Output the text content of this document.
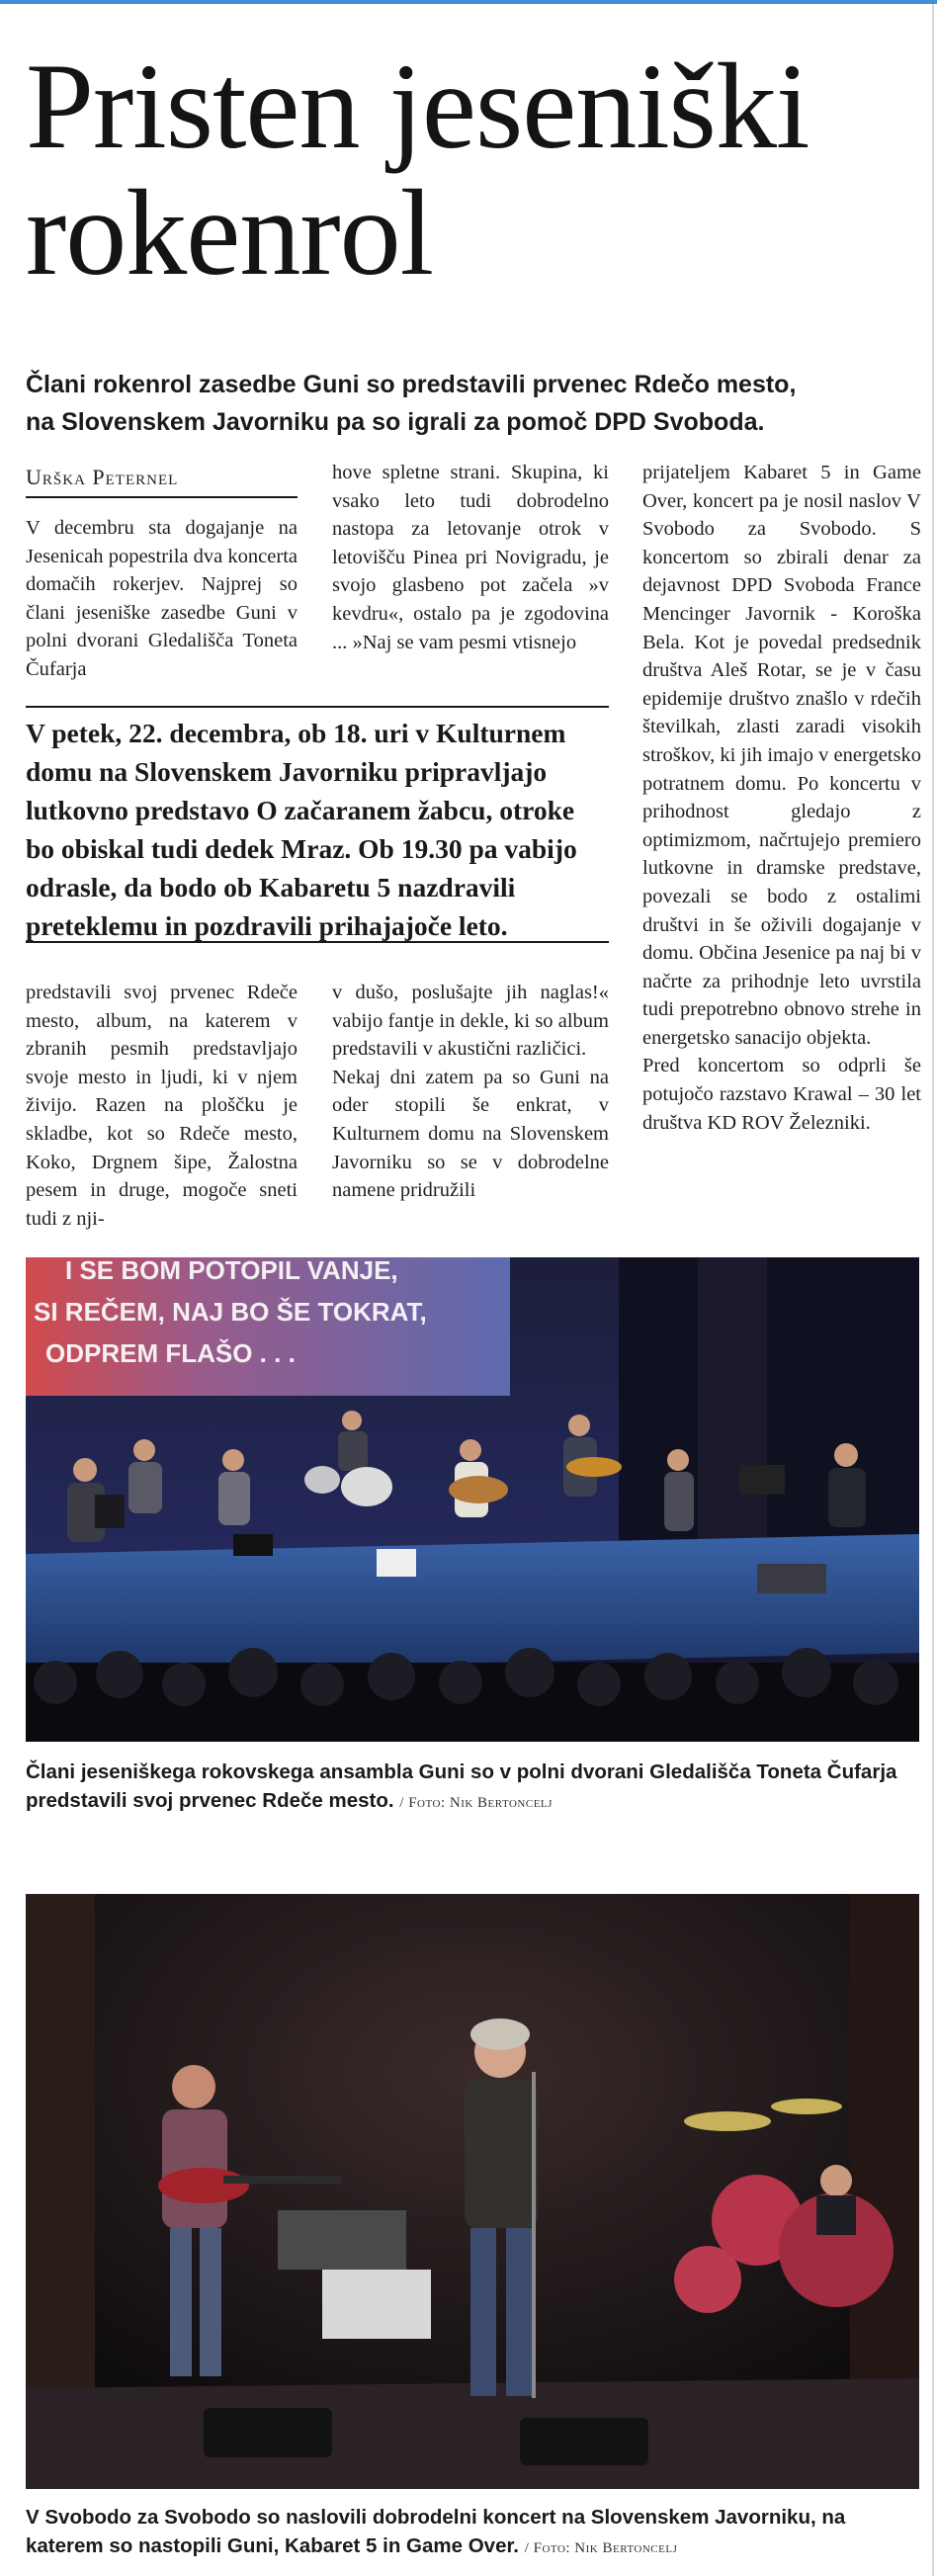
Pristen jeseniški
rokenrol
Člani rokenrol zasedbe Guni so predstavili prvenec Rdečo mesto,
na Slovenskem Javorniku pa so igrali za pomoč DPD Svoboda.
Urška Peternel

V decembru sta dogajanje na Jesenicah popestrila dva koncerta domačih rokerjev. Najprej so člani jeseniške zasedbe Guni v polni dvorani Gledališča Toneta Čufarja

hove spletne strani. Skupina, ki vsako leto tudi dobrodelno nastopa za letovanje otrok v letovišču Pinea pri Novigradu, je svojo glasbeno pot začela »v kevdru«, ostalo pa je zgodovina ... »Naj se vam pesmi vtisnejo

V petek, 22. decembra, ob 18. uri v Kulturnem domu na Slovenskem Javorniku pripravljajo lutkovno predstavo O začaranem žabcu, otroke bo obiskal tudi dedek Mraz. Ob 19.30 pa vabijo odrasle, da bodo ob Kabaretu 5 nazdravili preteklemu in pozdravili prihajajoče leto.

predstavili svoj prvenec Rdeče mesto, album, na katerem v zbranih pesmih predstavljajo svoje mesto in ljudi, ki v njem živijo. Razen na ploščku je skladbe, kot so Rdeče mesto, Koko, Drgnem šipe, Žalostna pesem in druge, mogoče sneti tudi z nji-

v dušo, poslušajte jih naglas!« vabijo fantje in dekle, ki so album predstavili v akustični različici.

Nekaj dni zatem pa so Guni na oder stopili še enkrat, v Kulturnem domu na Slovenskem Javorniku so se v dobrodelne namene pridružili

prijateljem Kabaret 5 in Game Over, koncert pa je nosil naslov V Svobodo za Svobodo. S koncertom so zbirali denar za dejavnost DPD Svoboda France Mencinger Javornik - Koroška Bela. Kot je povedal predsednik društva Aleš Rotar, se je v času epidemije društvo znašlo v rdečih številkah, zlasti zaradi visokih stroškov, ki jih imajo v energetsko potratnem domu. Po koncertu v prihodnost gledajo z optimizmom, načrtujejo premiero lutkovne in dramske predstave, povezali se bodo z ostalimi društvi in še oživili dogajanje v domu. Občina Jesenice pa naj bi v načrte za prihodnje leto uvrstila tudi prepotrebno obnovo strehe in energetsko sanacijo objekta.

Pred koncertom so odprli še potujočo razstavo Krawal – 30 let društva KD ROV Železniki.

I SE BOM POTOPIL VANJE,
SI REČEM, NAJ BO ŠE TOKRAT,
ODPREM FLAŠO . . .
Člani jeseniškega rokovskega ansambla Guni so v polni dvorani Gledališča Toneta Čufarja predstavili svoj prvenec Rdeče mesto. / Foto: Nik Bertoncelj
V Svobodo za Svobodo so naslovili dobrodelni koncert na Slovenskem Javorniku, na katerem so nastopili Guni, Kabaret 5 in Game Over. / Foto: Nik Bertoncelj
